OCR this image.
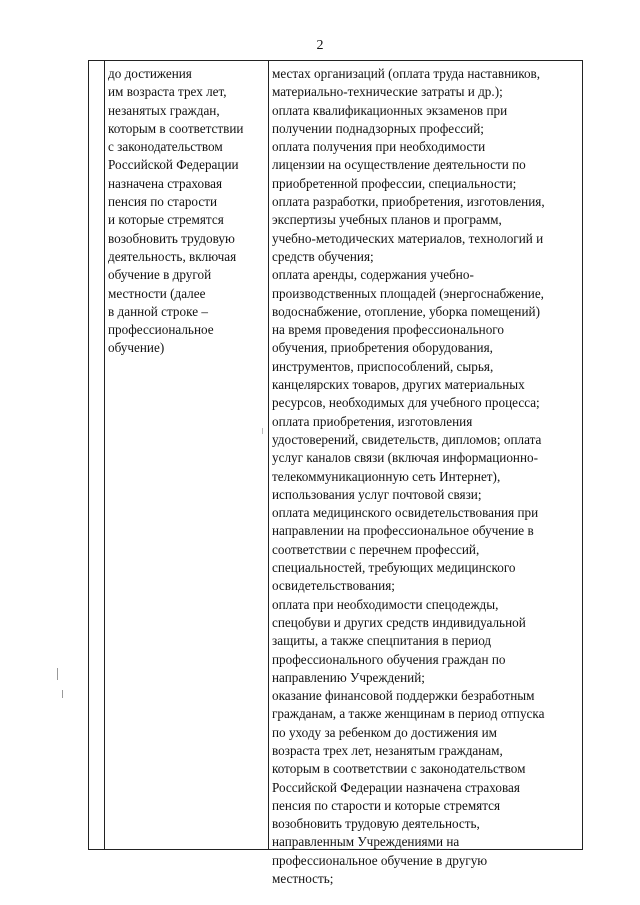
2

до достижения
им возраста трех лет,
незанятых граждан,
которым в соответствии
с законодательством
Российской Федерации
назначена страховая
пенсия по старости
и которые стремятся
возобновить трудовую
деятельность, включая
обучение в другой
местности (далее
в данной строке –
профессиональное
обучение)

местах организаций (оплата труда наставников,
материально-технические затраты и др.);
оплата квалификационных экзаменов при
получении поднадзорных профессий;
оплата получения при необходимости
лицензии на осуществление деятельности по
приобретенной профессии, специальности;
оплата разработки, приобретения, изготовления,
экспертизы учебных планов и программ,
учебно-методических материалов, технологий и
средств обучения;
оплата аренды, содержания учебно-
производственных площадей (энергоснабжение,
водоснабжение, отопление, уборка помещений)
на время проведения профессионального
обучения, приобретения оборудования,
инструментов, приспособлений, сырья,
канцелярских товаров, других материальных
ресурсов, необходимых для учебного процесса;
оплата приобретения, изготовления
удостоверений, свидетельств, дипломов; оплата
услуг каналов связи (включая информационно-
телекоммуникационную сеть Интернет),
использования услуг почтовой связи;
оплата медицинского освидетельствования при
направлении на профессиональное обучение в
соответствии с перечнем профессий,
специальностей, требующих медицинского
освидетельствования;
оплата при необходимости спецодежды,
спецобуви и других средств индивидуальной
защиты, а также спецпитания в период
профессионального обучения граждан по
направлению Учреждений;
оказание финансовой поддержки безработным
гражданам, а также женщинам в период отпуска
по уходу за ребенком до достижения им
возраста трех лет, незанятым гражданам,
которым в соответствии с законодательством
Российской Федерации назначена страховая
пенсия по старости и которые стремятся
возобновить трудовую деятельность,
направленным Учреждениями на
профессиональное обучение в другую
местность;
